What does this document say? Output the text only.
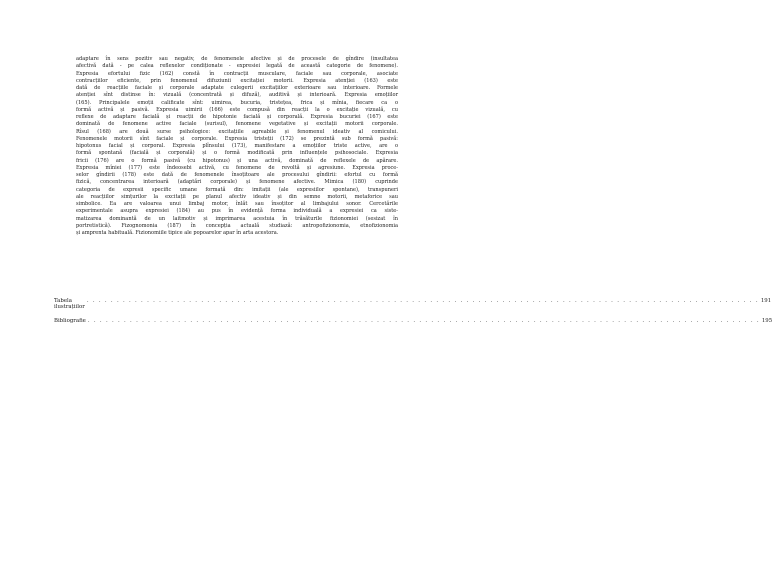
adaptare în sens pozitiv sau negativ, de fenomenele afective și de procesele de gîndire (insultatea
afectivă dată - pe calea reflexelor condiționate - expresiei legată de această categorie de fenomene).
Expresia efortului fizic (162) constă în contracții musculare, faciale sau corporale, asociate
contracțiilor eficiente, prin fenomenul difuziunii excitației motorii. Expresia atenției (163) este
dată de reacțiile faciale și corporale adaptate culegerii excitațiilor exterioare sau interioare. Formele
atenției sînt distinse în: vizuală (concentrată și difuză), auditivă și interioară. Expresia emoțiilor
(165). Principalele emoții calificate sînt: uimirea, bucuria, tristețea, frica și mînia, fiecare ca o
formă activă și pasivă. Expresia uimirii (166) este compusă din reacții la o excitație vizuală, cu
reflexe de adaptare facială și reacții de hipotonie facială și corporală. Expresia bucuriei (167) este
dominată de fenomene active faciale (surisul), fenomene vegetative și excitații motorii corporale.
Rîsul (168) are două surse psihologice: excitațiile agreabile și fenomenul ideativ al comicului.
Fenomenele motorii sînt faciale și corporale. Expresia tristeții (172) se prezintă sub formă pasivă:
hipotonus facial și corporal. Expresia plînsului (173), manifestare a emoțiilor triste active, are o
formă spontană (facială și corporală) și o formă modificată prin influențele psihosociale. Expresia
fricii (176) are o formă pasivă (cu hipotonus) și una activă, dominată de reflexele de apărare.
Expresia mîniei (177) este îndeosebi activă, cu fenomene de revoltă și agresiune. Expresia proce-
selor gîndirii (178) este dată de fenomenele însoțitoare ale procesului gîndirii: efortul cu formă
fizică, concentrarea interioară (adaptări corporale) și fenomene afective. Mimica (180) cuprinde
categoria de expresii specific umane formată din: imitații (ale expresiilor spontane), transpuneri
ale reacțiilor simțurilor la excitații pe planul afectiv ideativ și din semne motorii, metaforice sau
simbolice. Ea are valoarea unui limbaj motor, înlăt sau însoțitor al limbajului sonor. Cercetările
experimentale asupra expresiei (184) au pus în evidență forma individuală a expresiei ca siste-
matizarea dominantă de un laitmotiv și imprimarea acestuia în trăsăturile fizionomiei (sesizat în
portretistică). Fizognomonia (187) în concepția actuală studiază: antropofizionomia, etnofizionomia
și amprenta habituală. Fizionomiile tipice ale popoarelor apar în arta acestora.
Tabela ilustrațiilor
. . . . . . . . . . . . . . . . . . . . . . . . . . . . . . . . . . . . . . . . . . . . . . . . . . . . . . . . . . . . . . . . . . . . . . . . . . . . . . . . . . . . . . . . . . . . . . . . . . . . . . . . . . . . . . . . 191
Bibliografie . . . . . . . . . . . . . . . . . . . . . . . . . . . . . . . . . . . . . . . . . . . . . . . . . . . . . . . . . . . . . . . . . . . . . . . . . . . . . . . . . . . . . . . . . . . . . . . . . . . . . . . . . . . . . . . . 195
